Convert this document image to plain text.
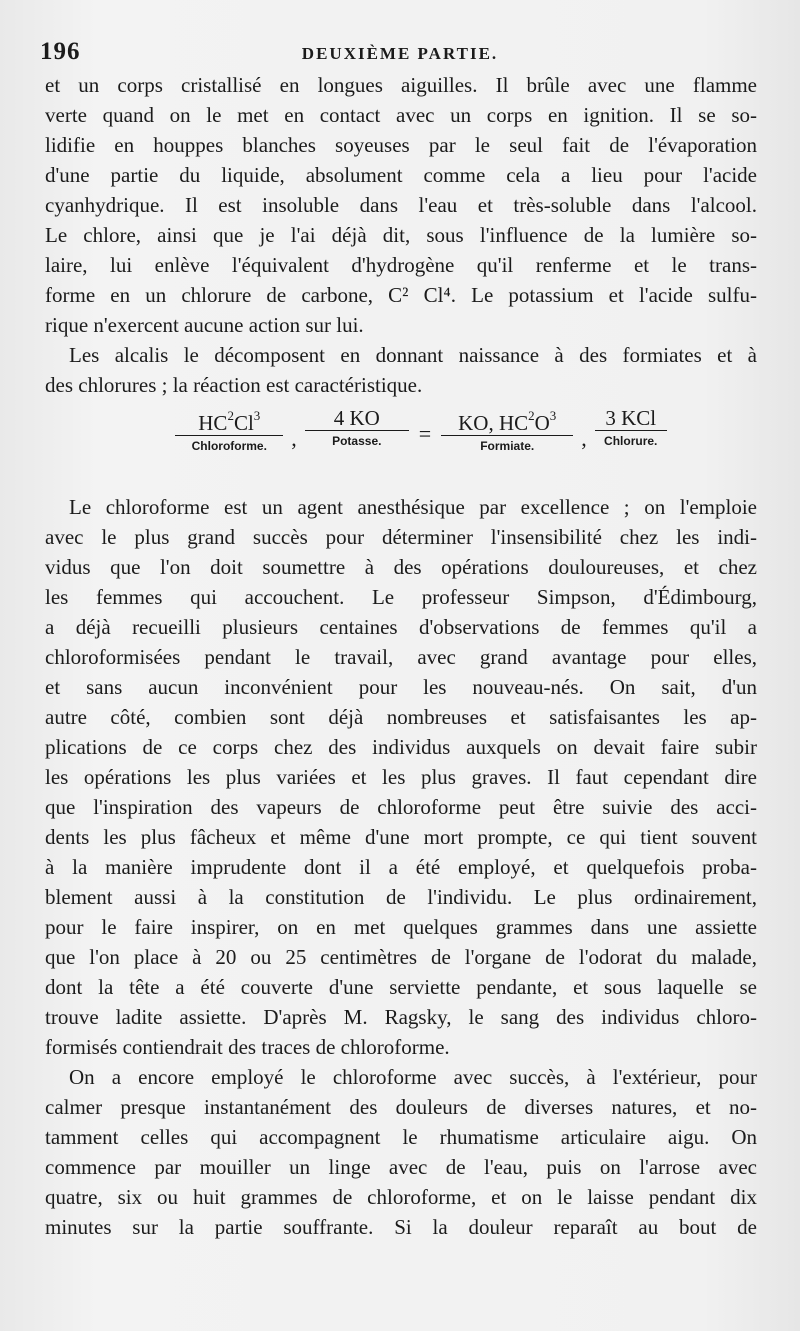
196	DEUXIÈME PARTIE.
et un corps cristallisé en longues aiguilles. Il brûle avec une flamme
verte quand on le met en contact avec un corps en ignition. Il se so-
lidifie en houppes blanches soyeuses par le seul fait de l'évaporation
d'une partie du liquide, absolument comme cela a lieu pour l'acide
cyanhydrique. Il est insoluble dans l'eau et très-soluble dans l'alcool.
Le chlore, ainsi que je l'ai déjà dit, sous l'influence de la lumière so-
laire, lui enlève l'équivalent d'hydrogène qu'il renferme et le trans-
forme en un chlorure de carbone, C² Cl⁴. Le potassium et l'acide sulfu-
rique n'exercent aucune action sur lui.
Les alcalis le décomposent en donnant naissance à des formiates et à
des chlorures ; la réaction est caractéristique.
$\frac{HC^2Cl^3}{\text{Chloroforme.}}$ , $\frac{4 KO}{\text{Potasse.}} = \frac{KO, HC^2O^3}{\text{Formiate.}}$ , $\frac{\text{3 KCl}}{\text{Chlorure.}}$
Le chloroforme est un agent anesthésique par excellence ; on l'emploie
avec le plus grand succès pour déterminer l'insensibilité chez les indi-
vidus que l'on doit soumettre à des opérations douloureuses, et chez
les femmes qui accouchent. Le professeur Simpson, d'Édimbourg,
a déjà recueilli plusieurs centaines d'observations de femmes qu'il a
chloroformisées pendant le travail, avec grand avantage pour elles,
et sans aucun inconvénient pour les nouveau-nés. On sait, d'un
autre côté, combien sont déjà nombreuses et satisfaisantes les ap-
plications de ce corps chez des individus auxquels on devait faire subir
les opérations les plus variées et les plus graves. Il faut cependant dire
que l'inspiration des vapeurs de chloroforme peut être suivie des acci-
dents les plus fâcheux et même d'une mort prompte, ce qui tient souvent
à la manière imprudente dont il a été employé, et quelquefois proba-
blement aussi à la constitution de l'individu. Le plus ordinairement,
pour le faire inspirer, on en met quelques grammes dans une assiette
que l'on place à 20 ou 25 centimètres de l'organe de l'odorat du malade,
dont la tête a été couverte d'une serviette pendante, et sous laquelle se
trouve ladite assiette. D'après M. Ragsky, le sang des individus chloro-
formisés contiendrait des traces de chloroforme.
On a encore employé le chloroforme avec succès, à l'extérieur, pour
calmer presque instantanément des douleurs de diverses natures, et no-
tamment celles qui accompagnent le rhumatisme articulaire aigu. On
commence par mouiller un linge avec de l'eau, puis on l'arrose avec
quatre, six ou huit grammes de chloroforme, et on le laisse pendant dix
minutes sur la partie souffrante. Si la douleur reparaît au bout de
